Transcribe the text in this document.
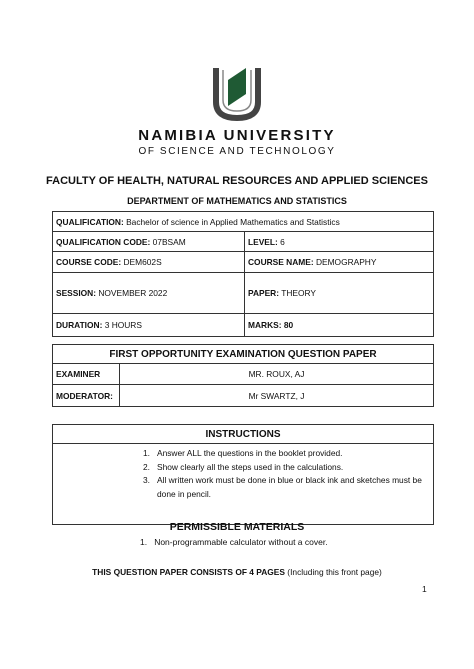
NAMIBIA UNIVERSITY
OF SCIENCE AND TECHNOLOGY
FACULTY OF HEALTH, NATURAL RESOURCES AND APPLIED SCIENCES
DEPARTMENT OF MATHEMATICS AND STATISTICS
QUALIFICATION: Bachelor of science in Applied Mathematics and Statistics	
QUALIFICATION CODE: 07BSAM	LEVEL: 6
COURSE CODE: DEM602S	COURSE NAME: DEMOGRAPHY
SESSION: NOVEMBER 2022	PAPER: THEORY
DURATION: 3 HOURS	MARKS: 80
FIRST OPPORTUNITY EXAMINATION QUESTION PAPER	
EXAMINER	MR. ROUX, AJ
MODERATOR:	Mr SWARTZ, J
INSTRUCTIONS

1. Answer ALL the questions in the booklet provided.
2. Show clearly all the steps used in the calculations.
3. All written work must be done in blue or black ink and sketches must be done in pencil.
PERMISSIBLE MATERIALS
1. Non-programmable calculator without a cover.
THIS QUESTION PAPER CONSISTS OF 4 PAGES (Including this front page)
1
